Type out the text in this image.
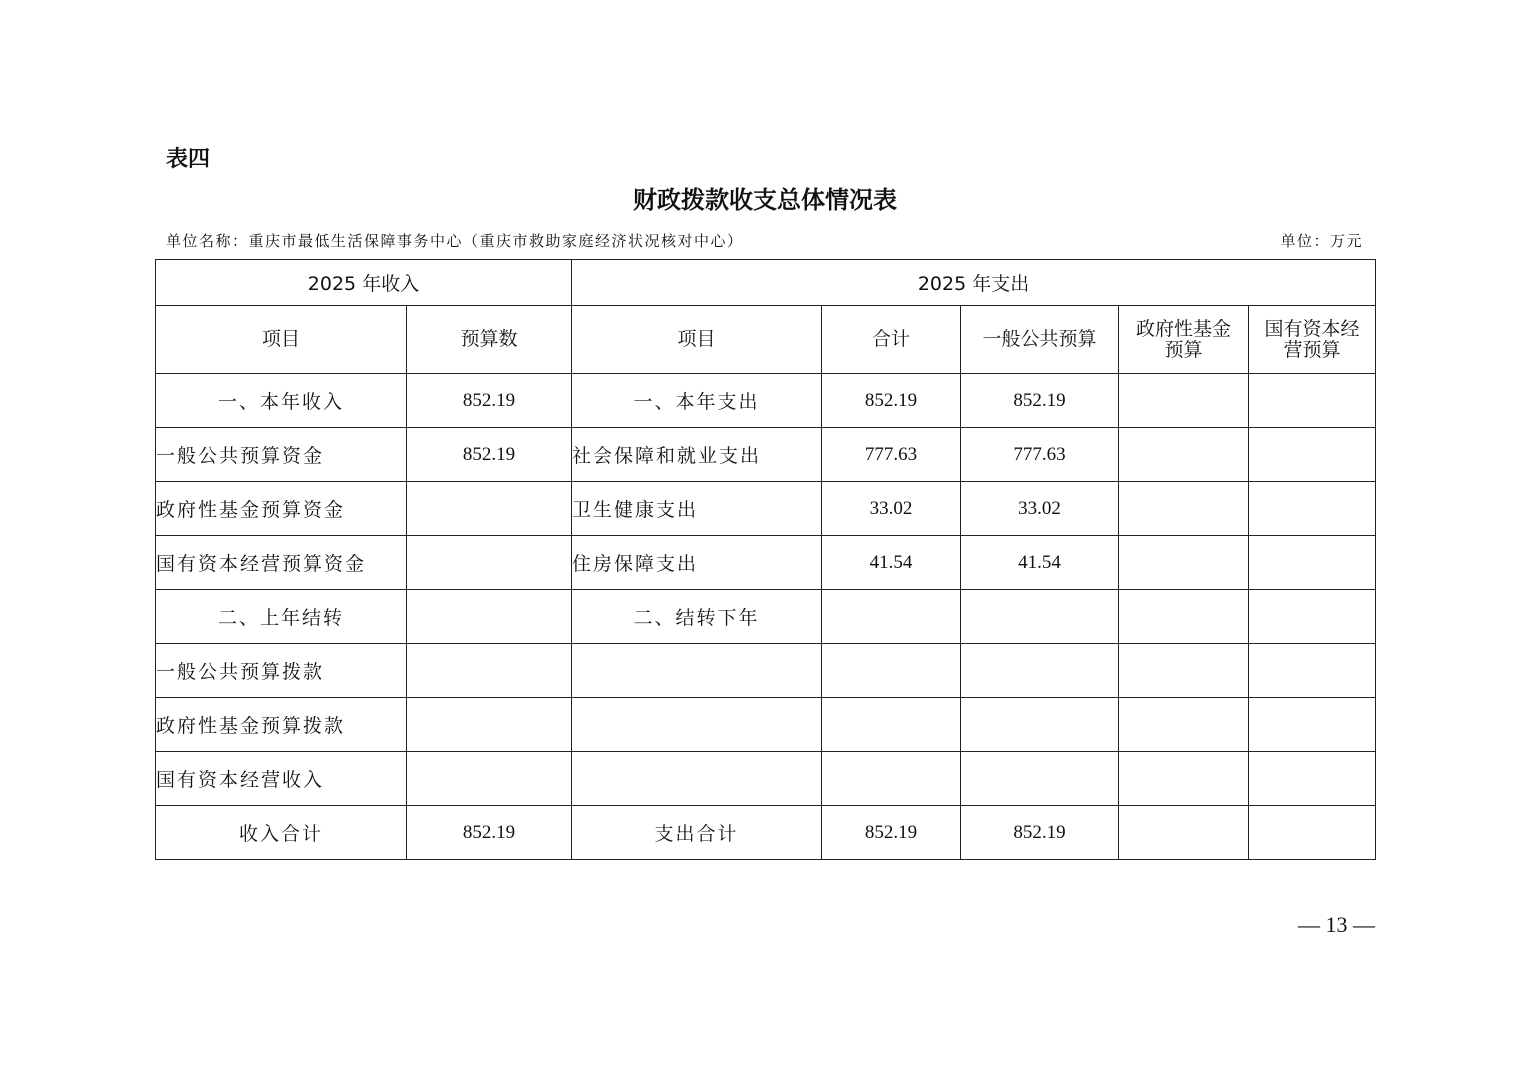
表四
财政拨款收支总体情况表
单位名称：重庆市最低生活保障事务中心（重庆市救助家庭经济状况核对中心）	单位：万元
2025 年收入		2025 年支出				
项目	预算数	项目	合计	一般公共预算	政府性基金预算	国有资本经营预算
一、本年收入	852.19	一、本年支出	852.19	852.19		
一般公共预算资金	852.19	社会保障和就业支出	777.63	777.63		
政府性基金预算资金		卫生健康支出	33.02	33.02		
国有资本经营预算资金		住房保障支出	41.54	41.54		
二、上年结转		二、结转下年				
一般公共预算拨款						
政府性基金预算拨款						
国有资本经营收入						
收入合计	852.19	支出合计	852.19	852.19		
— 13 —
